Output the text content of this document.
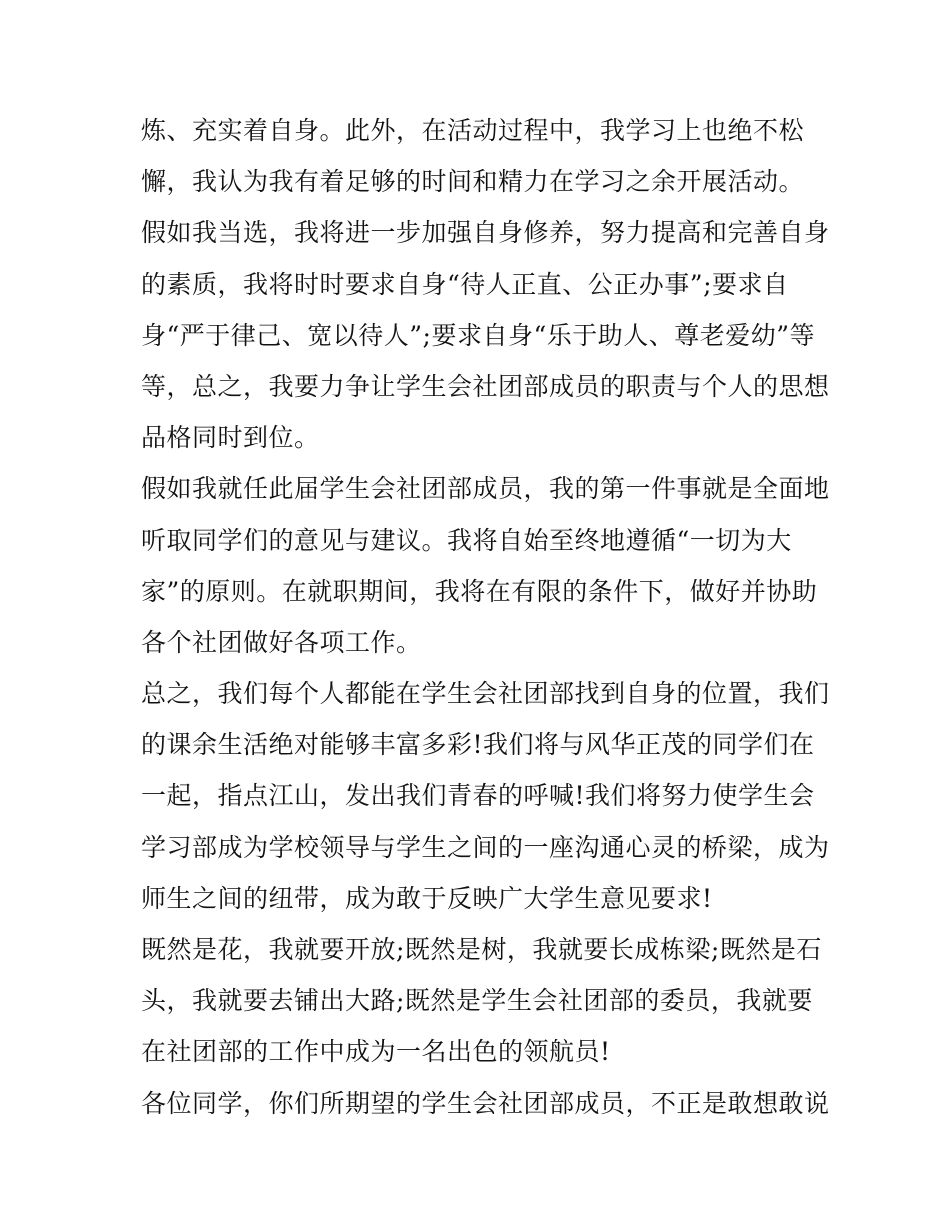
炼、充实着自身。此外，在活动过程中，我学习上也绝不松
懈，我认为我有着足够的时间和精力在学习之余开展活动。
假如我当选，我将进一步加强自身修养，努力提高和完善自身
的素质，我将时时要求自身“待人正直、公正办事”;要求自
身“严于律己、宽以待人”;要求自身“乐于助人、尊老爱幼”等
等，总之，我要力争让学生会社团部成员的职责与个人的思想
品格同时到位。
假如我就任此届学生会社团部成员，我的第一件事就是全面地
听取同学们的意见与建议。我将自始至终地遵循“一切为大
家”的原则。在就职期间，我将在有限的条件下，做好并协助
各个社团做好各项工作。
总之，我们每个人都能在学生会社团部找到自身的位置，我们
的课余生活绝对能够丰富多彩!我们将与风华正茂的同学们在
一起，指点江山，发出我们青春的呼喊!我们将努力使学生会
学习部成为学校领导与学生之间的一座沟通心灵的桥梁，成为
师生之间的纽带，成为敢于反映广大学生意见要求!
既然是花，我就要开放;既然是树，我就要长成栋梁;既然是石
头，我就要去铺出大路;既然是学生会社团部的委员，我就要
在社团部的工作中成为一名出色的领航员!
各位同学，你们所期望的学生会社团部成员，不正是敢想敢说
